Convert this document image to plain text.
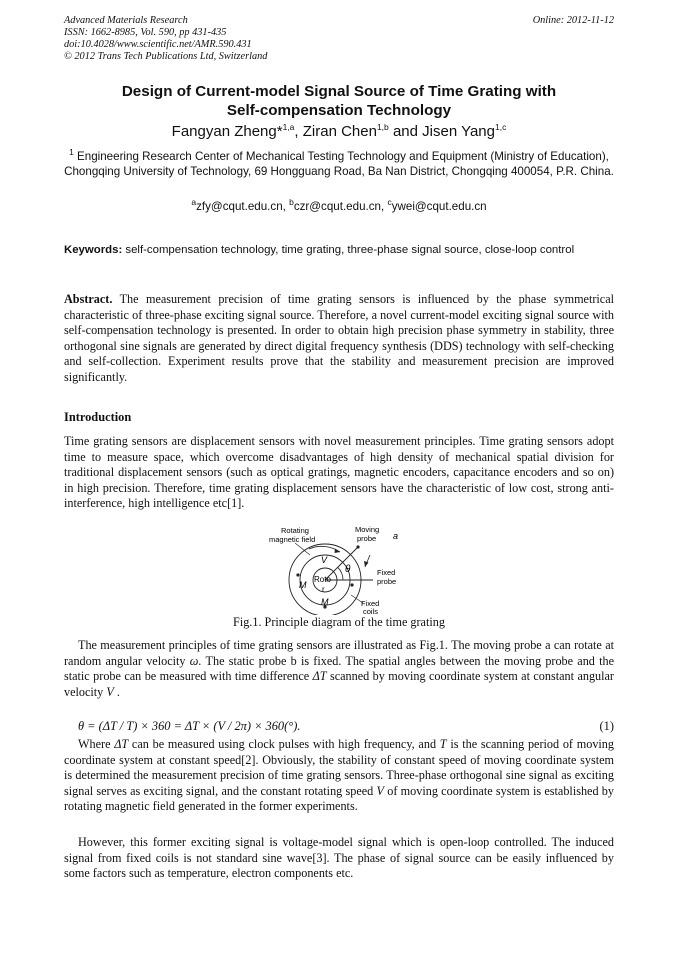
Advanced Materials Research
ISSN: 1662-8985, Vol. 590, pp 431-435
doi:10.4028/www.scientific.net/AMR.590.431
© 2012 Trans Tech Publications Ltd, Switzerland
Online: 2012-11-12
Design of Current-model Signal Source of Time Grating with
Self-compensation Technology
Fangyan Zheng*$^{1,a}$, Ziran Chen$^{1,b}$ and Jisen Yang$^{1,c}$
$^1$ Engineering Research Center of Mechanical Testing Technology and Equipment (Ministry of Education), Chongqing University of Technology, 69 Hongguang Road, Ba Nan District, Chongqing 400054, P.R. China.
$^a$zfy@cqut.edu.cn, $^b$czr@cqut.edu.cn, $^c$ywei@cqut.edu.cn
Keywords: self-compensation technology, time grating, three-phase signal source, close-loop control
Abstract. The measurement precision of time grating sensors is influenced by the phase symmetrical characteristic of three-phase exciting signal source. Therefore, a novel current-model exciting signal source with self-compensation technology is presented. In order to obtain high precision phase symmetry in stability, three orthogonal sine signals are generated by direct digital frequency synthesis (DDS) technology with self-checking and self-collection. Experiment results prove that the stability and measurement precision are improved significantly.
Introduction
Time grating sensors are displacement sensors with novel measurement principles. Time grating sensors adopt time to measure space, which overcome disadvantages of high density of mechanical spatial division for traditional displacement sensors (such as optical gratings, magnetic encoders, capacitance encoders and so on) in high precision. Therefore, time grating displacement sensors have the characteristic of low cost, strong anti-interference, high intelligence etc[1].
Rotating
magnetic field
Moving
probe a
V
θ
Roto
r
M
M
Fixed
probe
Fixed
coils
Fig.1. Principle diagram of the time grating
The measurement principles of time grating sensors are illustrated as Fig.1. The moving probe a can rotate at random angular velocity ω. The static probe b is fixed. The spatial angles between the moving probe and the static probe can be measured with time difference ΔT scanned by moving coordinate system at constant angular velocity V .
θ = (ΔT / T) × 360 = ΔT × (V / 2π) × 360(°).	(1)
Where ΔT can be measured using clock pulses with high frequency, and T is the scanning period of moving coordinate system at constant speed[2]. Obviously, the stability of constant speed of moving coordinate system is determined the measurement precision of time grating sensors. Three-phase orthogonal sine signal as exciting signal serves as exciting signal, and the constant rotating speed V of moving coordinate system is established by rotating magnetic field generated in the former experiments.
However, this former exciting signal is voltage-model signal which is open-loop controlled. The induced signal from fixed coils is not standard sine wave[3]. The phase of signal source can be easily influenced by some factors such as temperature, electron components etc.
